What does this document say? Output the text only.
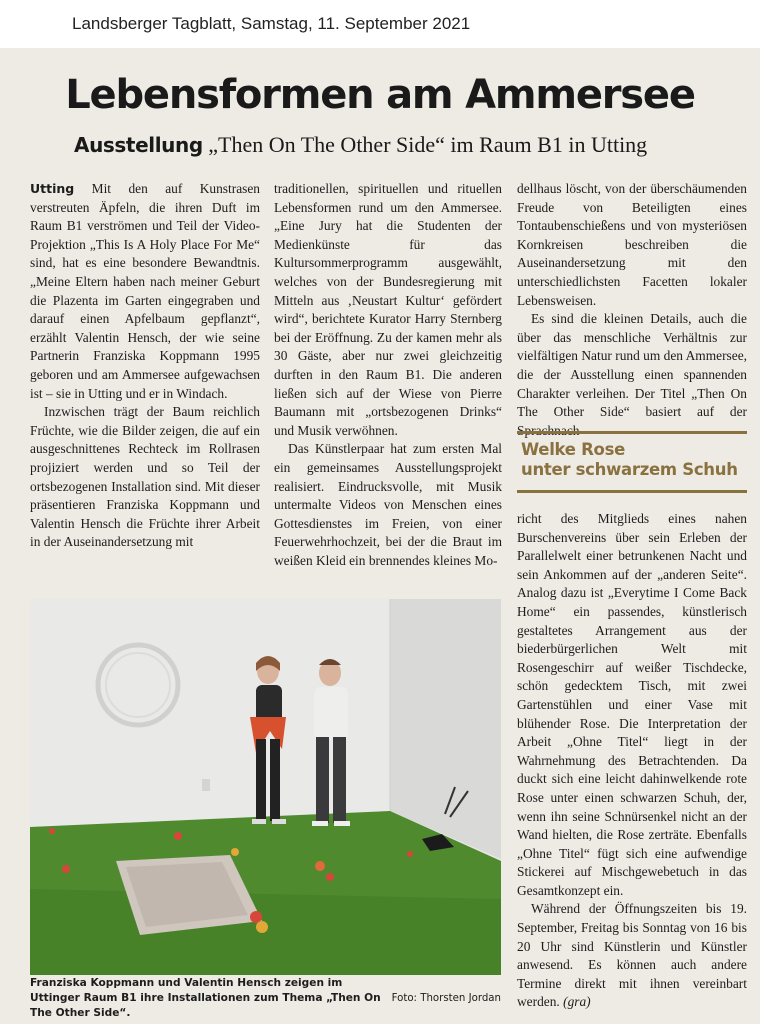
Landsberger Tagblatt, Samstag, 11. September 2021
Lebensformen am Ammersee
Ausstellung „Then On The Other Side“ im Raum B1 in Utting

Utting Mit den auf Kunstrasen verstreuten Äpfeln, die ihren Duft im Raum B1 verströmen und Teil der Video-Projektion „This Is A Holy Place For Me“ sind, hat es eine besondere Bewandtnis. „Meine Eltern haben nach meiner Geburt die Plazenta im Garten eingegraben und darauf einen Apfelbaum gepflanzt“, erzählt Valentin Hensch, der wie seine Partnerin Franziska Koppmann 1995 geboren und am Ammersee aufgewachsen ist – sie in Utting und er in Windach.

Inzwischen trägt der Baum reichlich Früchte, wie die Bilder zeigen, die auf ein ausgeschnittenes Rechteck im Rollrasen projiziert werden und so Teil der ortsbezogenen Installation sind. Mit dieser präsentieren Franziska Koppmann und Valentin Hensch die Früchte ihrer Arbeit in der Auseinandersetzung mit

traditionellen, spirituellen und rituellen Lebensformen rund um den Ammersee. „Eine Jury hat die Studenten der Medienkünste für das Kultursommerprogramm ausgewählt, welches von der Bundesregierung mit Mitteln aus ‚Neustart Kultur‘ gefördert wird“, berichtete Kurator Harry Sternberg bei der Eröffnung. Zu der kamen mehr als 30 Gäste, aber nur zwei gleichzeitig durften in den Raum B1. Die anderen ließen sich auf der Wiese von Pierre Baumann mit „ortsbezogenen Drinks“ und Musik verwöhnen.

Das Künstlerpaar hat zum ersten Mal ein gemeinsames Ausstellungsprojekt realisiert. Eindrucksvolle, mit Musik untermalte Videos von Menschen eines Gottesdienstes im Freien, von einer Feuerwehrhochzeit, bei der die Braut im weißen Kleid ein brennendes kleines Mo-

dellhaus löscht, von der überschäumenden Freude von Beteiligten eines Tontaubenschießens und von mysteriösen Kornkreisen beschreiben die Auseinandersetzung mit den unterschiedlichsten Facetten lokaler Lebensweisen.

Es sind die kleinen Details, auch die über das menschliche Verhältnis zur vielfältigen Natur rund um den Ammersee, die der Ausstellung einen spannenden Charakter verleihen. Der Titel „Then On The Other Side“ basiert auf der Sprachnach-

Welke Rose
unter schwarzem Schuh

richt des Mitglieds eines nahen Burschenvereins über sein Erleben der Parallelwelt einer betrunkenen Nacht und sein Ankommen auf der „anderen Seite“. Analog dazu ist „Everytime I Come Back Home“ ein passendes, künstlerisch gestaltetes Arrangement aus der biederbürgerlichen Welt mit Rosengeschirr auf weißer Tischdecke, schön gedecktem Tisch, mit zwei Gartenstühlen und einer Vase mit blühender Rose. Die Interpretation der Arbeit „Ohne Titel“ liegt in der Wahrnehmung des Betrachtenden. Da duckt sich eine leicht dahinwelkende rote Rose unter einen schwarzen Schuh, der, wenn ihn seine Schnürsenkel nicht an der Wand hielten, die Rose zerträte. Ebenfalls „Ohne Titel“ fügt sich eine aufwendige Stickerei auf Mischgewebetuch in das Gesamtkonzept ein.

Während der Öffnungszeiten bis 19. September, Freitag bis Sonntag von 16 bis 20 Uhr sind Künstlerin und Künstler anwesend. Es können auch andere Termine direkt mit ihnen vereinbart werden. (gra)

Franziska Koppmann und Valentin Hensch zeigen im Uttinger Raum B1 ihre Installationen zum Thema „Then On The Other Side“.
Foto: Thorsten Jordan
